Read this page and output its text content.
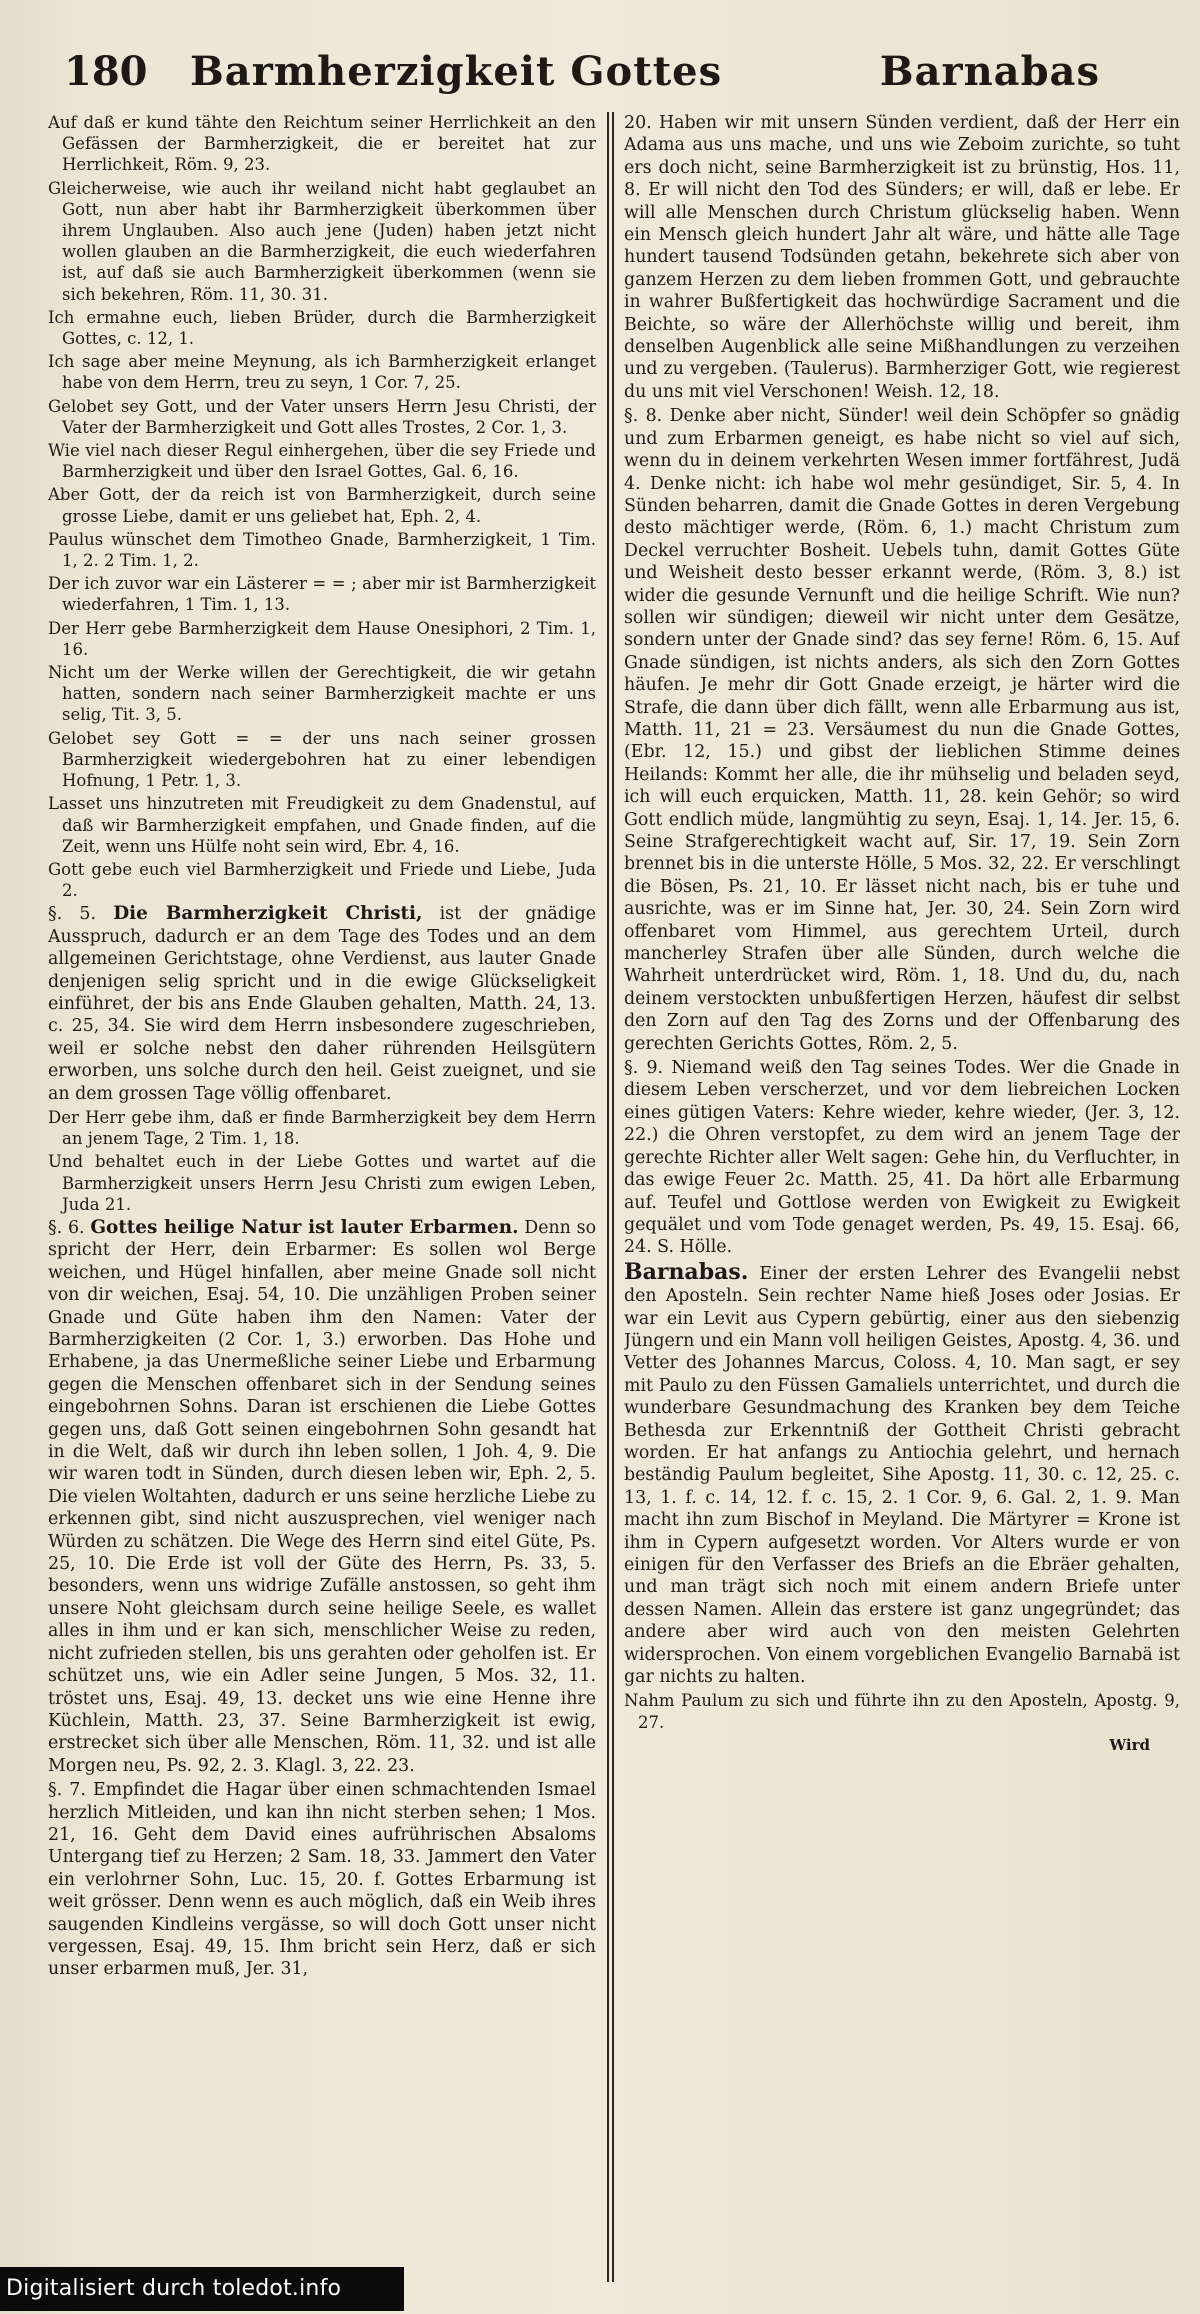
180 Barmherzigkeit Gottes	Barnabas

Auf daß er kund tähte den Reichtum seiner Herrlichkeit an den Gefässen der Barmherzigkeit, die er bereitet hat zur Herrlichkeit, Röm. 9, 23.

Gleicherweise, wie auch ihr weiland nicht habt geglaubet an Gott, nun aber habt ihr Barmherzigkeit überkommen über ihrem Unglauben. Also auch jene (Juden) haben jetzt nicht wollen glauben an die Barmherzigkeit, die euch wiederfahren ist, auf daß sie auch Barmherzigkeit überkommen (wenn sie sich bekehren, Röm. 11, 30. 31.

Ich ermahne euch, lieben Brüder, durch die Barmherzigkeit Gottes, c. 12, 1.

Ich sage aber meine Meynung, als ich Barmherzigkeit erlanget habe von dem Herrn, treu zu seyn, 1 Cor. 7, 25.

Gelobet sey Gott, und der Vater unsers Herrn Jesu Christi, der Vater der Barmherzigkeit und Gott alles Trostes, 2 Cor. 1, 3.

Wie viel nach dieser Regul einhergehen, über die sey Friede und Barmherzigkeit und über den Israel Gottes, Gal. 6, 16.

Aber Gott, der da reich ist von Barmherzigkeit, durch seine grosse Liebe, damit er uns geliebet hat, Eph. 2, 4.

Paulus wünschet dem Timotheo Gnade, Barmherzigkeit, 1 Tim. 1, 2. 2 Tim. 1, 2.

Der ich zuvor war ein Lästerer = = ; aber mir ist Barmherzigkeit wiederfahren, 1 Tim. 1, 13.

Der Herr gebe Barmherzigkeit dem Hause Onesiphori, 2 Tim. 1, 16.

Nicht um der Werke willen der Gerechtigkeit, die wir getahn hatten, sondern nach seiner Barmherzigkeit machte er uns selig, Tit. 3, 5.

Gelobet sey Gott = = der uns nach seiner grossen Barmherzigkeit wiedergebohren hat zu einer lebendigen Hofnung, 1 Petr. 1, 3.

Lasset uns hinzutreten mit Freudigkeit zu dem Gnadenstul, auf daß wir Barmherzigkeit empfahen, und Gnade finden, auf die Zeit, wenn uns Hülfe noht sein wird, Ebr. 4, 16.

Gott gebe euch viel Barmherzigkeit und Friede und Liebe, Juda 2.

§. 5. Die Barmherzigkeit Christi, ist der gnädige Ausspruch, dadurch er an dem Tage des Todes und an dem allgemeinen Gerichtstage, ohne Verdienst, aus lauter Gnade denjenigen selig spricht und in die ewige Glückseligkeit einführet, der bis ans Ende Glauben gehalten, Matth. 24, 13. c. 25, 34. Sie wird dem Herrn insbesondere zugeschrieben, weil er solche nebst den daher rührenden Heilsgütern erworben, uns solche durch den heil. Geist zueignet, und sie an dem grossen Tage völlig offenbaret.

Der Herr gebe ihm, daß er finde Barmherzigkeit bey dem Herrn an jenem Tage, 2 Tim. 1, 18.

Und behaltet euch in der Liebe Gottes und wartet auf die Barmherzigkeit unsers Herrn Jesu Christi zum ewigen Leben, Juda 21.

§. 6. Gottes heilige Natur ist lauter Erbarmen. Denn so spricht der Herr, dein Erbarmer: Es sollen wol Berge weichen, und Hügel hinfallen, aber meine Gnade soll nicht von dir weichen, Esaj. 54, 10. Die unzähligen Proben seiner Gnade und Güte haben ihm den Namen: Vater der Barmherzigkeiten (2 Cor. 1, 3.) erworben. Das Hohe und Erhabene, ja das Unermeßliche seiner Liebe und Erbarmung gegen die Menschen offenbaret sich in der Sendung seines eingebohrnen Sohns. Daran ist erschienen die Liebe Gottes gegen uns, daß Gott seinen eingebohrnen Sohn gesandt hat in die Welt, daß wir durch ihn leben sollen, 1 Joh. 4, 9. Die wir waren todt in Sünden, durch diesen leben wir, Eph. 2, 5. Die vielen Woltahten, dadurch er uns seine herzliche Liebe zu erkennen gibt, sind nicht auszusprechen, viel weniger nach Würden zu schätzen. Die Wege des Herrn sind eitel Güte, Ps. 25, 10. Die Erde ist voll der Güte des Herrn, Ps. 33, 5. besonders, wenn uns widrige Zufälle anstossen, so geht ihm unsere Noht gleichsam durch seine heilige Seele, es wallet alles in ihm und er kan sich, menschlicher Weise zu reden, nicht zufrieden stellen, bis uns gerahten oder geholfen ist. Er schützet uns, wie ein Adler seine Jungen, 5 Mos. 32, 11. tröstet uns, Esaj. 49, 13. decket uns wie eine Henne ihre Küchlein, Matth. 23, 37. Seine Barmherzigkeit ist ewig, erstrecket sich über alle Menschen, Röm. 11, 32. und ist alle Morgen neu, Ps. 92, 2. 3. Klagl. 3, 22. 23.

§. 7. Empfindet die Hagar über einen schmachtenden Ismael herzlich Mitleiden, und kan ihn nicht sterben sehen; 1 Mos. 21, 16. Geht dem David eines aufrührischen Absaloms Untergang tief zu Herzen; 2 Sam. 18, 33. Jammert den Vater ein verlohrner Sohn, Luc. 15, 20. f. Gottes Erbarmung ist weit grösser. Denn wenn es auch möglich, daß ein Weib ihres saugenden Kindleins vergässe, so will doch Gott unser nicht vergessen, Esaj. 49, 15. Ihm bricht sein Herz, daß er sich unser erbarmen muß, Jer. 31,

20. Haben wir mit unsern Sünden verdient, daß der Herr ein Adama aus uns mache, und uns wie Zeboim zurichte, so tuht ers doch nicht, seine Barmherzigkeit ist zu brünstig, Hos. 11, 8. Er will nicht den Tod des Sünders; er will, daß er lebe. Er will alle Menschen durch Christum glückselig haben. Wenn ein Mensch gleich hundert Jahr alt wäre, und hätte alle Tage hundert tausend Todsünden getahn, bekehrete sich aber von ganzem Herzen zu dem lieben frommen Gott, und gebrauchte in wahrer Bußfertigkeit das hochwürdige Sacrament und die Beichte, so wäre der Allerhöchste willig und bereit, ihm denselben Augenblick alle seine Mißhandlungen zu verzeihen und zu vergeben. (Taulerus). Barmherziger Gott, wie regierest du uns mit viel Verschonen! Weish. 12, 18.

§. 8. Denke aber nicht, Sünder! weil dein Schöpfer so gnädig und zum Erbarmen geneigt, es habe nicht so viel auf sich, wenn du in deinem verkehrten Wesen immer fortfährest, Judä 4. Denke nicht: ich habe wol mehr gesündiget, Sir. 5, 4. In Sünden beharren, damit die Gnade Gottes in deren Vergebung desto mächtiger werde, (Röm. 6, 1.) macht Christum zum Deckel verruchter Bosheit. Uebels tuhn, damit Gottes Güte und Weisheit desto besser erkannt werde, (Röm. 3, 8.) ist wider die gesunde Vernunft und die heilige Schrift. Wie nun? sollen wir sündigen; dieweil wir nicht unter dem Gesätze, sondern unter der Gnade sind? das sey ferne! Röm. 6, 15. Auf Gnade sündigen, ist nichts anders, als sich den Zorn Gottes häufen. Je mehr dir Gott Gnade erzeigt, je härter wird die Strafe, die dann über dich fällt, wenn alle Erbarmung aus ist, Matth. 11, 21 = 23. Versäumest du nun die Gnade Gottes, (Ebr. 12, 15.) und gibst der lieblichen Stimme deines Heilands: Kommt her alle, die ihr mühselig und beladen seyd, ich will euch erquicken, Matth. 11, 28. kein Gehör; so wird Gott endlich müde, langmühtig zu seyn, Esaj. 1, 14. Jer. 15, 6. Seine Strafgerechtigkeit wacht auf, Sir. 17, 19. Sein Zorn brennet bis in die unterste Hölle, 5 Mos. 32, 22. Er verschlingt die Bösen, Ps. 21, 10. Er lässet nicht nach, bis er tuhe und ausrichte, was er im Sinne hat, Jer. 30, 24. Sein Zorn wird offenbaret vom Himmel, aus gerechtem Urteil, durch mancherley Strafen über alle Sünden, durch welche die Wahrheit unterdrücket wird, Röm. 1, 18. Und du, du, nach deinem verstockten unbußfertigen Herzen, häufest dir selbst den Zorn auf den Tag des Zorns und der Offenbarung des gerechten Gerichts Gottes, Röm. 2, 5.

§. 9. Niemand weiß den Tag seines Todes. Wer die Gnade in diesem Leben verscherzet, und vor dem liebreichen Locken eines gütigen Vaters: Kehre wieder, kehre wieder, (Jer. 3, 12. 22.) die Ohren verstopfet, zu dem wird an jenem Tage der gerechte Richter aller Welt sagen: Gehe hin, du Verfluchter, in das ewige Feuer 2c. Matth. 25, 41. Da hört alle Erbarmung auf. Teufel und Gottlose werden von Ewigkeit zu Ewigkeit gequälet und vom Tode genaget werden, Ps. 49, 15. Esaj. 66, 24. S. Hölle.

Barnabas. Einer der ersten Lehrer des Evangelii nebst den Aposteln. Sein rechter Name hieß Joses oder Josias. Er war ein Levit aus Cypern gebürtig, einer aus den siebenzig Jüngern und ein Mann voll heiligen Geistes, Apostg. 4, 36. und Vetter des Johannes Marcus, Coloss. 4, 10. Man sagt, er sey mit Paulo zu den Füssen Gamaliels unterrichtet, und durch die wunderbare Gesundmachung des Kranken bey dem Teiche Bethesda zur Erkenntniß der Gottheit Christi gebracht worden. Er hat anfangs zu Antiochia gelehrt, und hernach beständig Paulum begleitet, Sihe Apostg. 11, 30. c. 12, 25. c. 13, 1. f. c. 14, 12. f. c. 15, 2. 1 Cor. 9, 6. Gal. 2, 1. 9. Man macht ihn zum Bischof in Meyland. Die Märtyrer = Krone ist ihm in Cypern aufgesetzt worden. Vor Alters wurde er von einigen für den Verfasser des Briefs an die Ebräer gehalten, und man trägt sich noch mit einem andern Briefe unter dessen Namen. Allein das erstere ist ganz ungegründet; das andere aber wird auch von den meisten Gelehrten widersprochen. Von einem vorgeblichen Evangelio Barnabä ist gar nichts zu halten.

Nahm Paulum zu sich und führte ihn zu den Aposteln, Apostg. 9, 27.

Wird

Digitalisiert durch toledot.info
